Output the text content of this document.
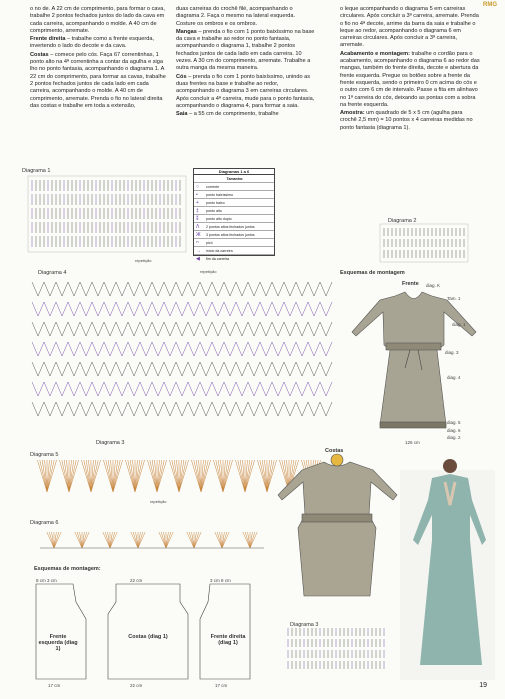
RMG

o no de. A 22 cm de comprimento, para formar o cava, trabalhe 2 pontos fechados juntos do lado da cava em cada carreira, acompanhando o molde. A 40 cm de comprimento, arremate.

Frente direita – trabalhe como a frente esquerda, invertendo o lado do decote e da cava.

Costas – comece pelo cós. Faça 67 correntinhas, 1 ponto alto na 4ª correntinha a contar da agulha e siga lho no ponto fantasia, acompanhando o diagrama 1. A 22 cm do comprimento, para formar as cavas, trabalhe 2 pontos fechados juntos de cada lado em cada carreira, acompanhando o molde. A 40 cm de comprimento, arremate. Prenda o fio no lateral direita das costas e trabalhe em toda a extensão,

duas carreiras do crochê filé, acompanhando o diagrama 2. Faça o mesmo na lateral esquerda. Costure os ombros e os ombros.

Mangas – prenda o fio com 1 ponto baixíssimo na base da cava e trabalhe ao redor no ponto fantasia, acompanhando o diagrama 1, trabalhe 2 pontos fechados juntos de cada lado em cada carreira. 10 vezes. A 30 cm do comprimento, arremate. Trabalhe a outra manga da mesma maneira.

Cós – prenda o fio com 1 ponto baixíssimo, unindo as duas frentes na base e trabalhe ao redor, acompanhando o diagrama 3 em carreiras circulares. Após concluir a 4ª carreira, mude para o ponto fantasia, acompanhando o diagrama 4, para formar a saia.

Saia – a 55 cm de comprimento, trabalhe

o leque acompanhando o diagrama 5 em carreiras circulares. Após concluir a 3ª carreira, arremate. Prenda o fio no 4ª decote, arrime da barra da saia e trabalhe o leque ao redor, acompanhando o diagrama 6 em carreiras circulares. Após concluir a 3ª carreira, arremate.

Acabamento e montagem: trabalhe o cordão para o acabamento, acompanhando o diagrama 6 ao redor das mangas, também do frente direita, decote e abertura da frente esquerda. Pregue os botões sobre a frente da frente esquerda, sendo o primeiro 0 cm acima do cós e o outro com 6 cm de intervalo. Passe a fita em alinhavo no 1ª carreira do cós, deixando as pontas com a sobra na frente esquerda.

Amostra: um quadrado de 5 x 5 cm (agulha para crochê 2,5 mm) = 10 pontos x 4 carreiras medidas no ponto fantasia (diagrama 1).

Diagrama 1
Diagrama 2
Diagrama 3
Diagrama 4
Diagrama 5
Diagrama 6
Diagrama 3
repetição
repetição
repetição
Diagramas 1 a 6
Tamanho:
○	corrente
•	ponto baixíssimo
+	ponto baixo
‡	ponto alto
⁑	ponto alto duplo
Λ	2 pontos altos fechados juntos
Ж	3 pontos altos fechados juntos
ᴖ	picô
→	início da carreira
◀	fim da carreira
Esquemas de montagem
Frente diag. K
Tam. 1
diag. 1
diag. 3
diag. 4
diag. 5
diag. 6
diag. 2
126 cm
Costas
Esquemas de montagem:
Frente esquerda (diag 1)
Costas (diag 1)	Frente direita (diag 1)
8 cm 3 cm	22 cm	3 cm 8 cm
17 cm	22 cm	17 cm	19
